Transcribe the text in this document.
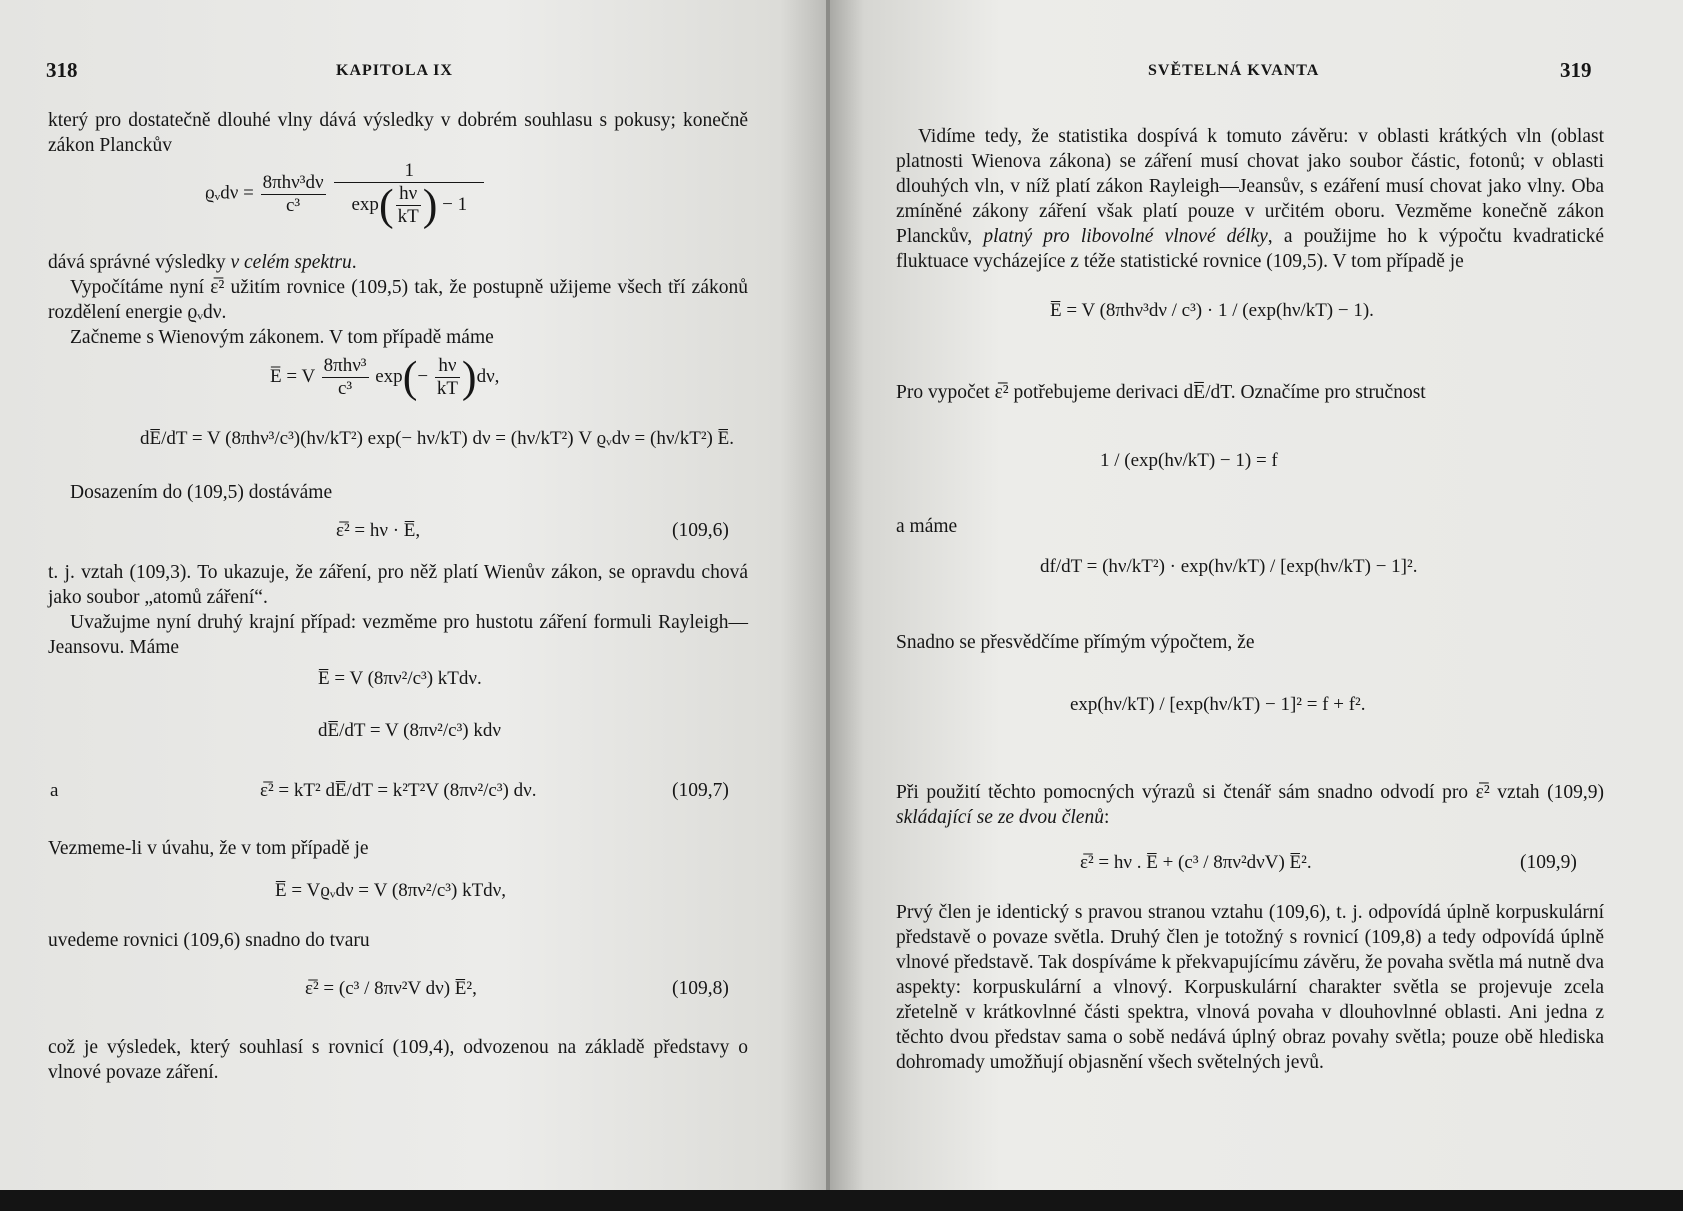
318	KAPITOLA IX

který pro dostatečně dlouhé vlny dává výsledky v dobrém souhlasu s pokusy; konečně zákon Planckův

ϱᵥdν = $\frac{\text{8πhν³dν}}{\text{c³}}$
$\frac{1}{\exp( \frac{h\nu}{kT} ) - 1}$

dává správné výsledky v celém spektru.

Vypočítáme nyní ε̅² užitím rovnice (109,5) tak, že postupně užijeme všech tří zákonů rozdělení energie ϱᵥdν.

Začneme s Wienovým zákonem. V tom případě máme

E̅ = V $\frac{\text{8πhν³}}{\text{c³}} \exp(- \frac{h\nu}{kT} )d\nu$,
dE̅/dT = V (8πhν³/c³)(hν/kT²) exp(− hν/kT) dν = (hν/kT²) V ϱᵥdν = (hν/kT²) E̅.

Dosazením do (109,5) dostáváme

ε̅² = hν · E̅,	(109,6)

t. j. vztah (109,3). To ukazuje, že záření, pro něž platí Wienův zákon, se opravdu chová jako soubor „atomů záření“.

Uvažujme nyní druhý krajní případ: vezměme pro hustotu záření formuli Rayleigh—Jeansovu. Máme

E̅ = V (8πν²/c³) kTdν.
dE̅/dT = V (8πν²/c³) kdν
a	ε̅² = kT² dE̅/dT = k²T²V (8πν²/c³) dν.	(109,7)

Vezmeme-li v úvahu, že v tom případě je

E̅ = Vϱᵥdν = V (8πν²/c³) kTdν,

uvedeme rovnici (109,6) snadno do tvaru

ε̅² = (c³ / 8πν²V dν) E̅²,	(109,8)

což je výsledek, který souhlasí s rovnicí (109,4), odvozenou na základě představy o vlnové povaze záření.

SVĚTELNÁ KVANTA	319

Vidíme tedy, že statistika dospívá k tomuto závěru: v oblasti krátkých vln (oblast platnosti Wienova zákona) se záření musí chovat jako soubor částic, fotonů; v oblasti dlouhých vln, v níž platí zákon Rayleigh—Jeansův, s ezáření musí chovat jako vlny. Oba zmíněné zákony záření však platí pouze v určitém oboru. Vezměme konečně zákon Planckův, platný pro libovolné vlnové délky, a použijme ho k výpočtu kvadratické fluktuace vycházejíce z téže statistické rovnice (109,5). V tom případě je

E̅ = V (8πhν³dν / c³) · 1 / (exp(hν/kT) − 1).

Pro vypočet ε̅² potřebujeme derivaci dE̅/dT. Označíme pro stručnost

1 / (exp(hν/kT) − 1) = f

a máme

df/dT = (hν/kT²) · exp(hν/kT) / [exp(hν/kT) − 1]².

Snadno se přesvědčíme přímým výpočtem, že

exp(hν/kT) / [exp(hν/kT) − 1]² = f + f².

Při použití těchto pomocných výrazů si čtenář sám snadno odvodí pro ε̅² vztah (109,9) skládající se ze dvou členů:

ε̅² = hν . E̅ + (c³ / 8πν²dνV) E̅².	(109,9)

Prvý člen je identický s pravou stranou vztahu (109,6), t. j. odpovídá úplně korpuskulární představě o povaze světla. Druhý člen je totožný s rovnicí (109,8) a tedy odpovídá úplně vlnové představě. Tak dospíváme k překvapujícímu závěru, že povaha světla má nutně dva aspekty: korpuskulární a vlnový. Korpuskulární charakter světla se projevuje zcela zřetelně v krátkovlnné části spektra, vlnová povaha v dlouhovlnné oblasti. Ani jedna z těchto dvou představ sama o sobě nedává úplný obraz povahy světla; pouze obě hlediska dohromady umožňují objasnění všech světelných jevů.
